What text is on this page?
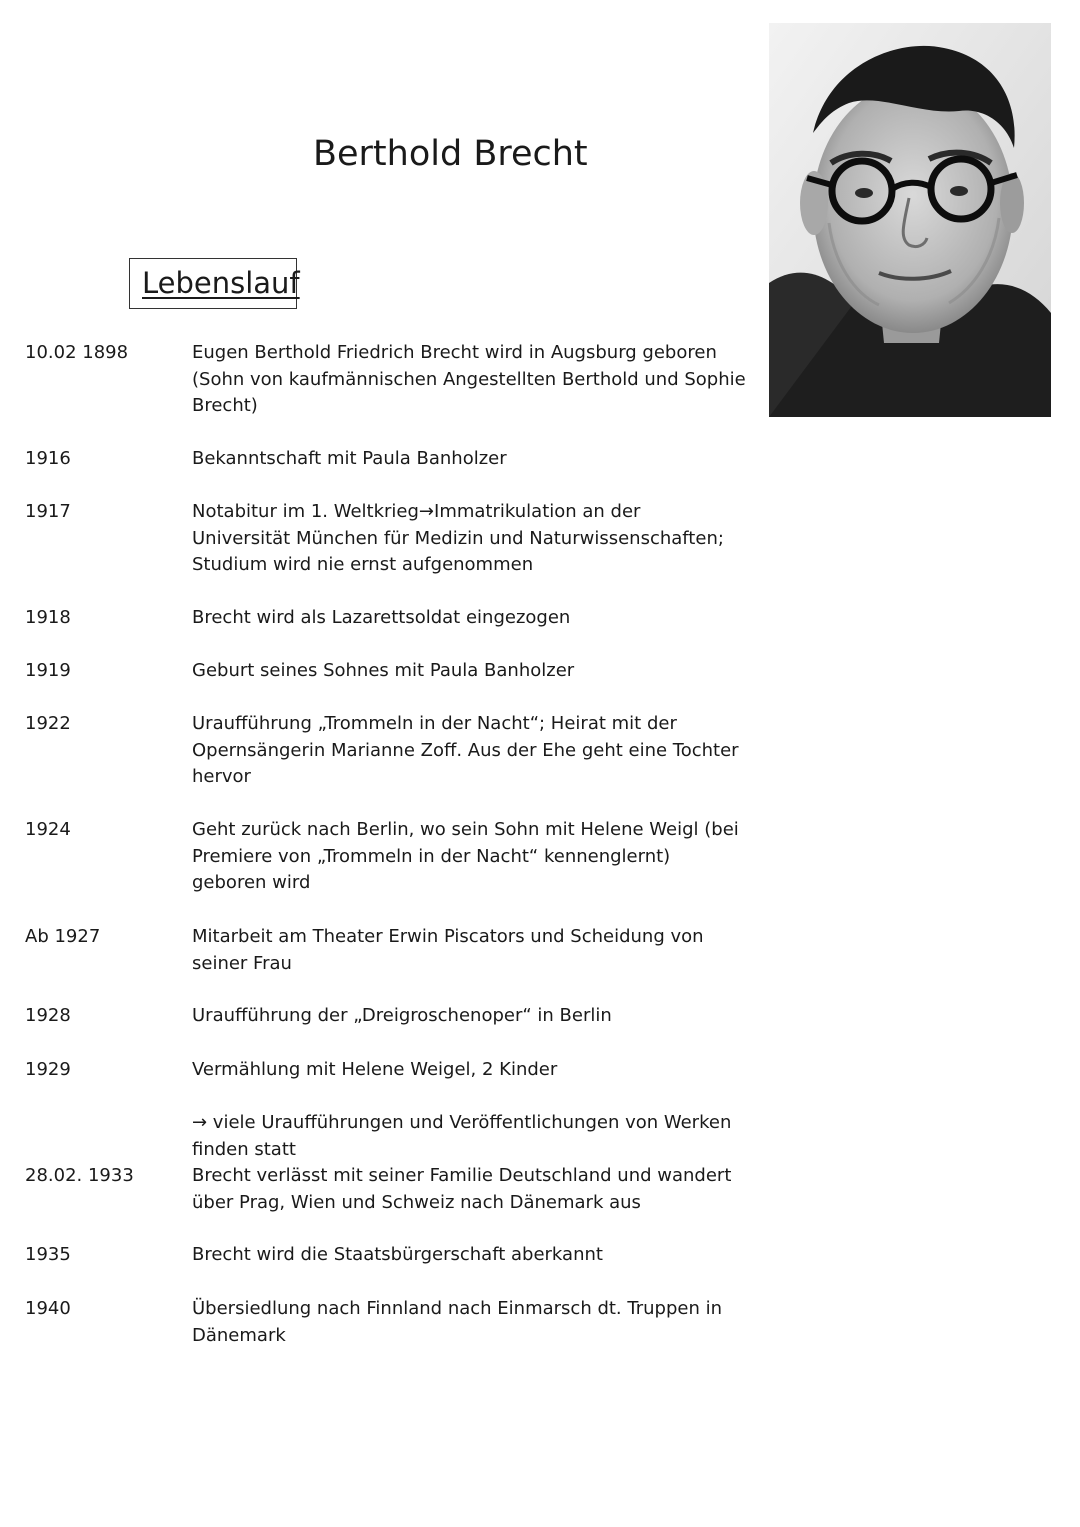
Berthold Brecht
Lebenslauf
10.02 1898	Eugen Berthold Friedrich Brecht wird in Augsburg geboren
(Sohn von kaufmännischen Angestellten Berthold und Sophie
Brecht)
1916	Bekanntschaft mit Paula Banholzer
1917	Notabitur im 1. Weltkrieg→Immatrikulation an der
Universität München für Medizin und Naturwissenschaften;
Studium wird nie ernst aufgenommen
1918	Brecht wird als Lazarettsoldat eingezogen
1919	Geburt seines Sohnes mit Paula Banholzer
1922	Uraufführung „Trommeln in der Nacht“; Heirat mit der
Opernsängerin Marianne Zoff. Aus der Ehe geht eine Tochter
hervor
1924	Geht zurück nach Berlin, wo sein Sohn mit Helene Weigl (bei
Premiere von „Trommeln in der Nacht“ kennenglernt)
geboren wird
Ab 1927	Mitarbeit am Theater Erwin Piscators und Scheidung von
seiner Frau
1928	Uraufführung der „Dreigroschenoper“ in Berlin
1929	Vermählung mit Helene Weigel, 2 Kinder
→ viele Uraufführungen und Veröffentlichungen von Werken
finden statt
28.02. 1933	Brecht verlässt mit seiner Familie Deutschland und wandert
über Prag, Wien und Schweiz nach Dänemark aus
1935	Brecht wird die Staatsbürgerschaft aberkannt
1940	Übersiedlung nach Finnland nach Einmarsch dt. Truppen in
Dänemark
